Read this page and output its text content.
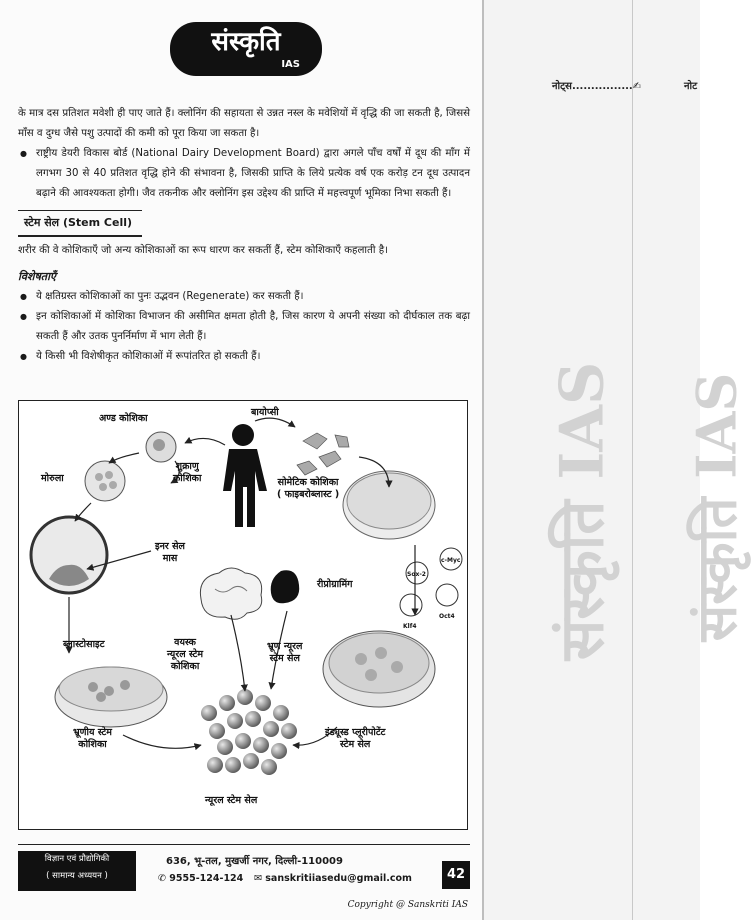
नोट्स................✍	नोट
संस्कृति IAS संस्कृति IAS
संस्कृति
IAS

के मात्र दस प्रतिशत मवेशी ही पाए जाते हैं। क्लोनिंग की सहायता से उन्नत नस्ल के मवेशियों में वृद्धि की जा सकती है, जिससे माँस व दुग्ध जैसे पशु उत्पादों की कमी को पूरा किया जा सकता है।

● राष्ट्रीय डेयरी विकास बोर्ड (National Dairy Development Board) द्वारा अगले पाँच वर्षों में दूध की माँग में लगभग 30 से 40 प्रतिशत वृद्धि होने की संभावना है, जिसकी प्राप्ति के लिये प्रत्येक वर्ष एक करोड़ टन दूध उत्पादन बढ़ाने की आवश्यकता होगी। जैव तकनीक और क्लोनिंग इस उद्देश्य की प्राप्ति में महत्त्वपूर्ण भूमिका निभा सकती हैं।

स्टेम सेल (Stem Cell)

शरीर की वे कोशिकाएँ जो अन्य कोशिकाओं का रूप धारण कर सकतीं हैं, स्टेम कोशिकाएँ कहलाती है।

विशेषताएँ

● ये क्षतिग्रस्त कोशिकाओं का पुनः उद्भवन (Regenerate) कर सकती हैं।

● इन कोशिकाओं में कोशिका विभाजन की असीमित क्षमता होती है, जिस कारण ये अपनी संख्या को दीर्घकाल तक बढ़ा सकती हैं और उतक पुनर्निर्माण में भाग लेती हैं।

● ये किसी भी विशेषीकृत कोशिकाओं में रूपांतरित हो सकती हैं।

अण्ड कोशिका
बायोप्सी
शुक्राणु
कोशिका	सोमेटिक कोशिका
( फाइबरोब्लास्ट )
मोरुला
इनर सेल
मास
रीप्रोग्रामिंग
Sox-2
c-Myc
Klf4
Oct4
ब्लास्टोसाइट	वयस्क
न्यूरल स्टेम
कोशिका
भ्रूण न्यूरल
स्टेम सेल
भ्रूणीय स्टेम
कोशिका
इंड्यूस्ड प्लूरीपोटेंट
स्टेम सेल
न्यूरल स्टेम सेल
विज्ञान एवं प्रौद्योगिकी
( सामान्य अध्ययन )
636, भू-तल, मुखर्जी नगर, दिल्ली-110009
✆ 9555-124-124 ✉ sanskritiiasedu@gmail.com	42
Copyright @ Sanskriti IAS
